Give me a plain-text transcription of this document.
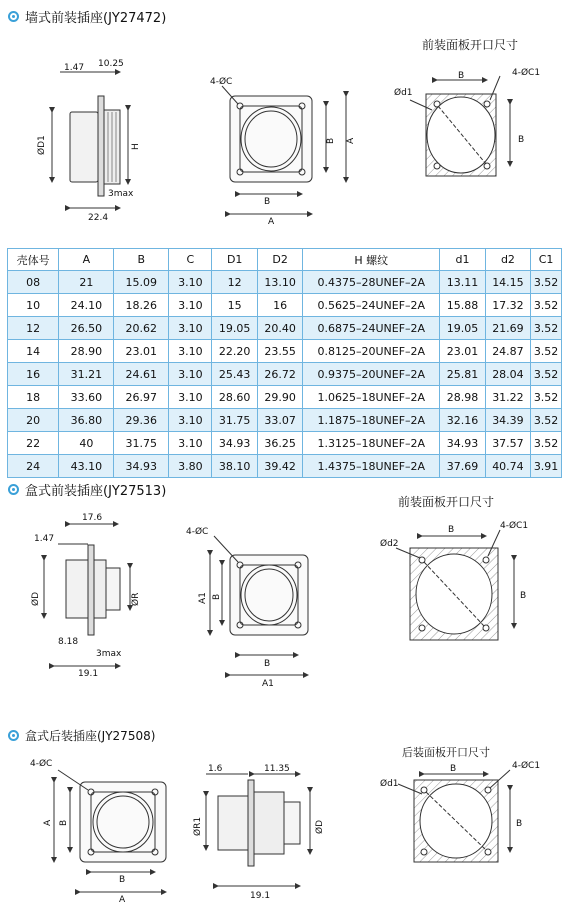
墙式前装插座(JY27472)
前装面板开口尺寸
盒式前装插座(JY27513)
前装面板开口尺寸
盒式后装插座(JY27508)
后装面板开口尺寸
1.47 10.25
ØD1	H
3max
22.4
4-ØC
B
A
B A
B
Ød1
4-ØC1
B
17.6
1.47
ØD	ØR
8.18
3max
19.1
4-ØC
B
A1
A1 B
B
Ød2
4-ØC1
B
4-ØC
B
A
A B
1.6	11.35
ØR1	ØD
19.1
B
Ød1
4-ØC1
B
壳体号	A	B	C	D1	D2	H 螺纹	d1	d2	C1
08	21	15.09	3.10	12	13.10	0.4375–28UNEF–2A	13.11	14.15	3.52
10	24.10	18.26	3.10	15	16	0.5625–24UNEF–2A	15.88	17.32	3.52
12	26.50	20.62	3.10	19.05	20.40	0.6875–24UNEF–2A	19.05	21.69	3.52
14	28.90	23.01	3.10	22.20	23.55	0.8125–20UNEF–2A	23.01	24.87	3.52
16	31.21	24.61	3.10	25.43	26.72	0.9375–20UNEF–2A	25.81	28.04	3.52
18	33.60	26.97	3.10	28.60	29.90	1.0625–18UNEF–2A	28.98	31.22	3.52
20	36.80	29.36	3.10	31.75	33.07	1.1875–18UNEF–2A	32.16	34.39	3.52
22	40	31.75	3.10	34.93	36.25	1.3125–18UNEF–2A	34.93	37.57	3.52
24	43.10	34.93	3.80	38.10	39.42	1.4375–18UNEF–2A	37.69	40.74	3.91
